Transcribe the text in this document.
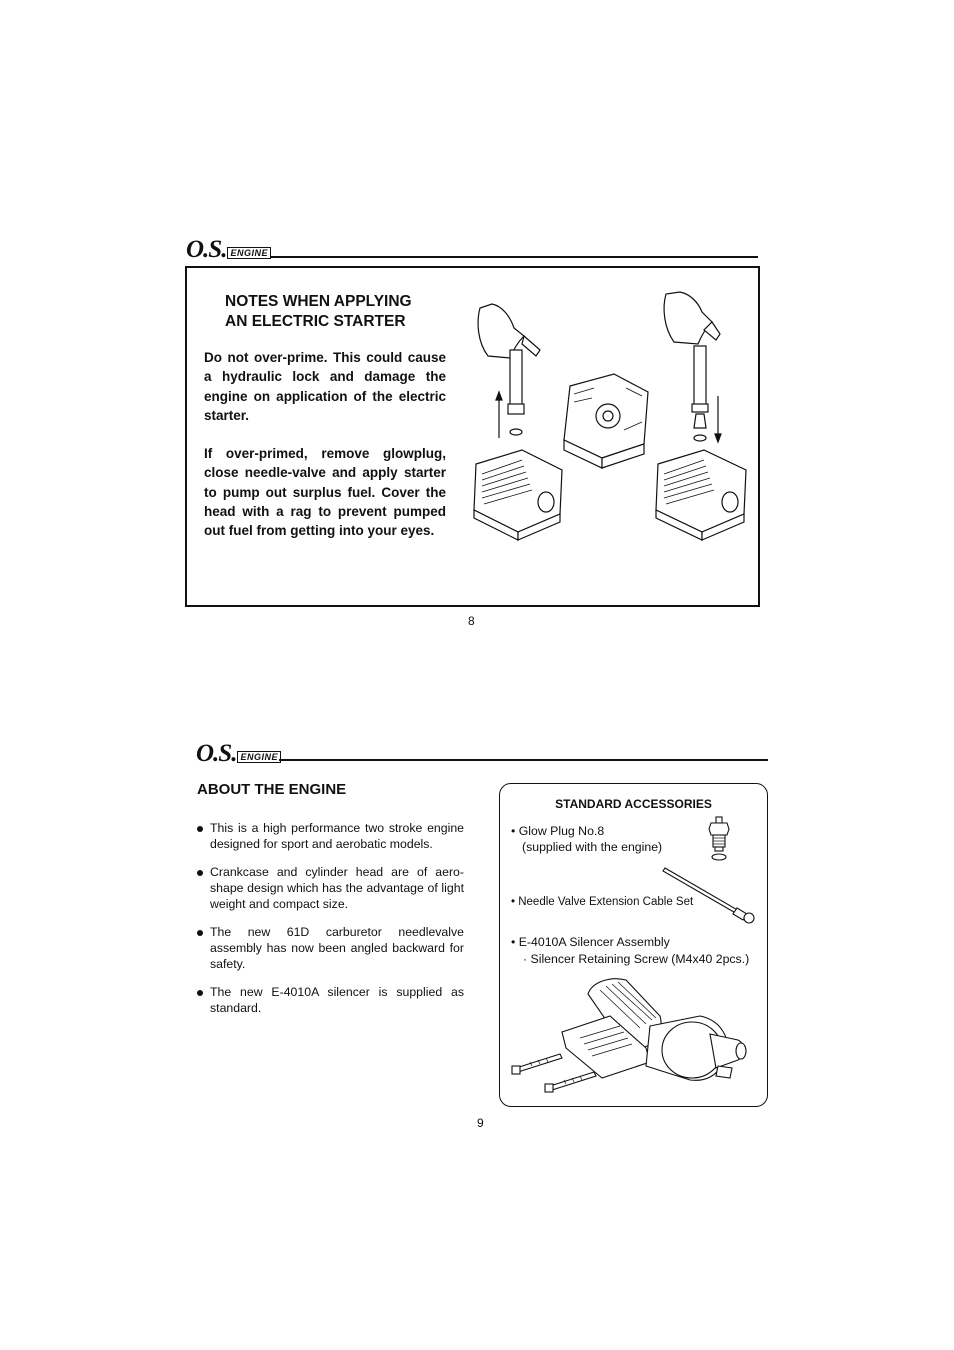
O.S. ENGINE
NOTES WHEN APPLYING
AN ELECTRIC STARTER

Do not over-prime. This could cause a hydraulic lock and damage the engine on application of the electric starter.

If over-primed, remove glowplug, close needle-valve and apply starter to pump out surplus fuel. Cover the head with a rag to prevent pumped out fuel from getting into your eyes.

8
O.S. ENGINE
ABOUT THE ENGINE
This is a high performance two stroke engine designed for sport and aerobatic models.
Crankcase and cylinder head are of aero-shape design which has the advantage of light weight and compact size.
The new 61D carburetor needlevalve assembly has now been angled backward for safety.
The new E-4010A silencer is supplied as standard.
STANDARD ACCESSORIES
• Glow Plug No.8
(supplied with the engine)
• Needle Valve Extension Cable Set
• E-4010A Silencer Assembly
· Silencer Retaining Screw (M4x40 2pcs.)
9
